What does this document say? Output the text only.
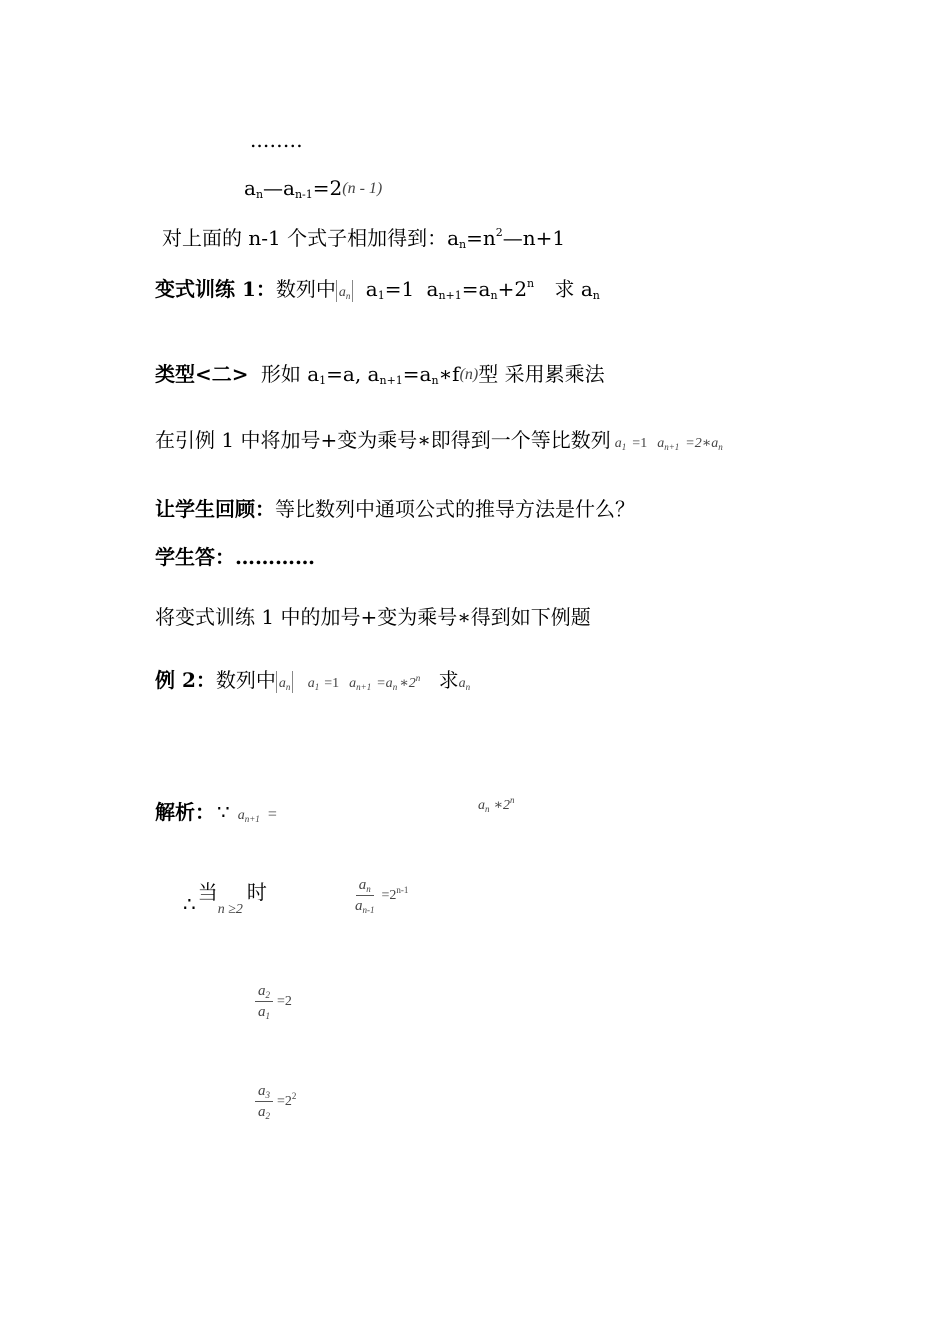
..……
$a_n—a_{n-1}=2(n - 1)$
对上面的 n-1 个式子相加得到：$a_n=n^2—n+1$
变式训练 1：数列中 $a_n$ $a_1=1$ $a_{n+1}=a_n+2^n$ 求 $a_n$
类型<二> 形如 $a_1=a$, $a_{n+1}=a_n∗f(n)$型 采用累乘法
在引例 1 中将加号+变为乘号∗即得到一个等比数列 $a_1 =1$ $a_{n+1}$ $=2∗a_n$
让学生回顾：等比数列中通项公式的推导方法是什么？
学生答：…………
将变式训练 1 中的加号+变为乘号∗得到如下例题
例 2：数列中 $a_n$ $a_1 =1$ $a_{n+1} =a_n$ ∗2$^n$ 求$a_n$
解析： ∵ $a_{n+1}$ =
$a_n$ ∗2$^n$
∴ 当$_{n \ge 2}$时	$\frac{a_n}{a_{n-1}} =2^{n-1}$
$\frac{a_2}{a_1} =2$
$\frac{a_3}{a_2} =2^2$
